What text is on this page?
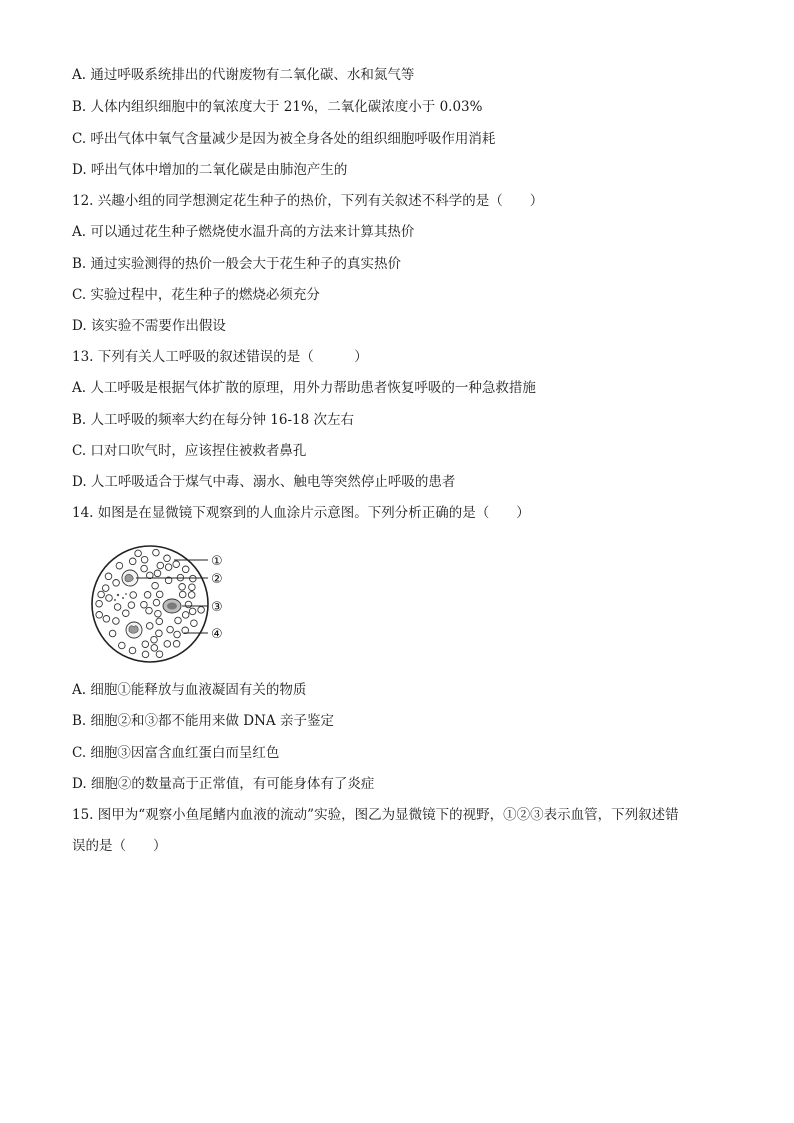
A. 通过呼吸系统排出的代谢废物有二氧化碳、水和氮气等
B. 人体内组织细胞中的氧浓度大于 21%，二氧化碳浓度小于 0.03%
C. 呼出气体中氧气含量减少是因为被全身各处的组织细胞呼吸作用消耗
D. 呼出气体中增加的二氧化碳是由肺泡产生的
12. 兴趣小组的同学想测定花生种子的热价，下列有关叙述不科学的是（　　）
A. 可以通过花生种子燃烧使水温升高的方法来计算其热价
B. 通过实验测得的热价一般会大于花生种子的真实热价
C. 实验过程中，花生种子的燃烧必须充分
D. 该实验不需要作出假设
13. 下列有关人工呼吸的叙述错误的是（　　　）
A. 人工呼吸是根据气体扩散的原理，用外力帮助患者恢复呼吸的一种急救措施
B. 人工呼吸的频率大约在每分钟 16-18 次左右
C. 口对口吹气时，应该捏住被救者鼻孔
D. 人工呼吸适合于煤气中毒、溺水、触电等突然停止呼吸的患者
14. 如图是在显微镜下观察到的人血涂片示意图。下列分析正确的是（　　）
①
②
③
④
A. 细胞①能释放与血液凝固有关的物质
B. 细胞②和③都不能用来做 DNA 亲子鉴定
C. 细胞③因富含血红蛋白而呈红色
D. 细胞②的数量高于正常值，有可能身体有了炎症
15. 图甲为“观察小鱼尾鳍内血液的流动”实验，图乙为显微镜下的视野，①②③表示血管，下列叙述错
误的是（　　）
